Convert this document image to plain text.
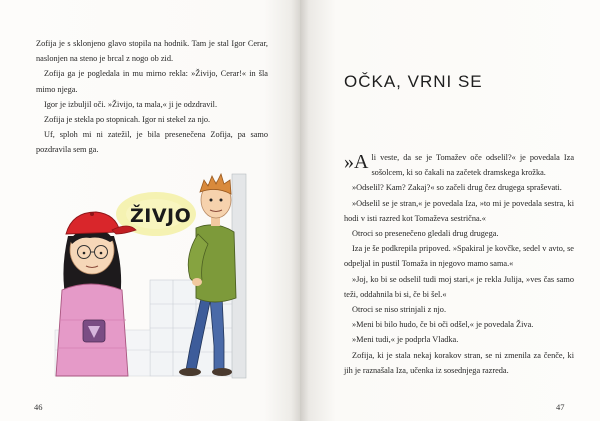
Zofija je s sklonjeno glavo stopila na hodnik. Tam je stal Igor Cerar, naslonjen na steno je brcal z nogo ob zid.

Zofija ga je pogledala in mu mirno rekla: »Živijo, Cerar!« in šla mimo njega.

Igor je izbuljil oči. »Živijo, ta mala,« ji je odzdravil.

Zofija je stekla po stopnicah. Igor ni stekel za njo.

Uf, sploh mi ni zatežil, je bila presenečena Zofija, pa samo pozdravila sem ga.

ŽIVJO
46
OČKA, VRNI SE

»A li veste, da se je Tomažev oče odselil?« je povedala Iza sošolcem, ki so čakali na začetek dramskega krožka.

»Odselil? Kam? Zakaj?« so začeli drug čez drugega spraševati.

»Odselil se je stran,« je povedala Iza, »to mi je povedala sestra, ki hodi v isti razred kot Tomaževa sestrična.«

Otroci so presenečeno gledali drug drugega.

Iza je še podkrepila pripoved. »Spakiral je kovčke, sedel v avto, se odpeljal in pustil Tomaža in njegovo mamo sama.«

»Joj, ko bi se odselil tudi moj stari,« je rekla Julija, »ves čas samo teži, oddahnila bi si, če bi šel.«

Otroci se niso strinjali z njo.

»Meni bi bilo hudo, če bi oči odšel,« je povedala Živa.

»Meni tudi,« je podprla Vladka.

Zofija, ki je stala nekaj korakov stran, se ni zmenila za čenče, ki jih je raznašala Iza, učenka iz sosednjega razreda.

47
